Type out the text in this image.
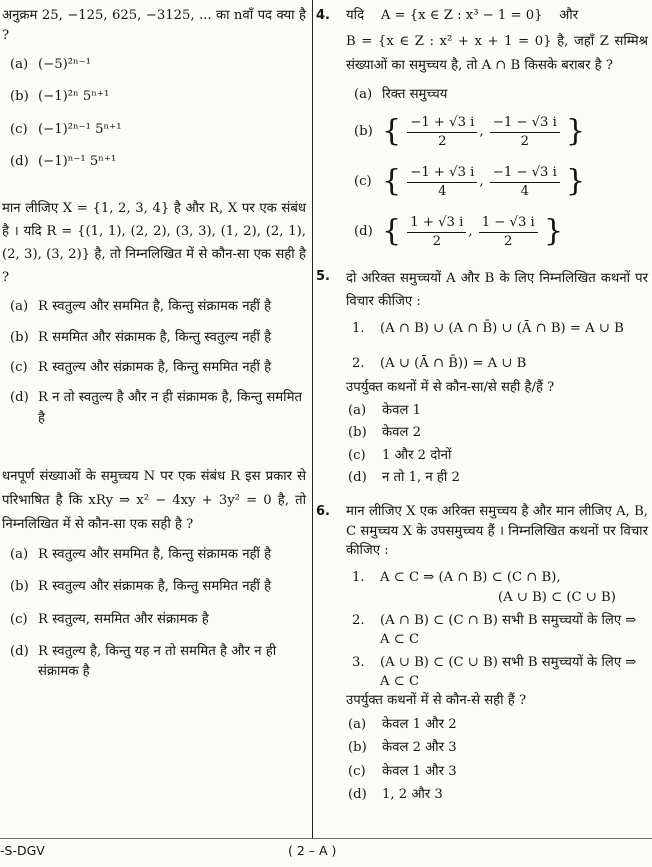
अनुक्रम 25, −125, 625, −3125, ... का nवाँ पद क्या है ?

(a) (−5)²ⁿ⁻¹
(b) (−1)²ⁿ 5ⁿ⁺¹
(c) (−1)²ⁿ⁻¹ 5ⁿ⁺¹
(d) (−1)ⁿ⁻¹ 5ⁿ⁺¹

मान लीजिए X = {1, 2, 3, 4} है और R, X पर एक संबंध है । यदि R = {(1, 1), (2, 2), (3, 3), (1, 2), (2, 1), (2, 3), (3, 2)} है, तो निम्नलिखित में से कौन-सा एक सही है ?

(a) R स्वतुल्य और सममित है, किन्तु संक्रामक नहीं है
(b) R सममित और संक्रामक है, किन्तु स्वतुल्य नहीं है
(c) R स्वतुल्य और संक्रामक है, किन्तु सममित नहीं है
(d) R न तो स्वतुल्य है और न ही संक्रामक है, किन्तु सममित है

धनपूर्ण संख्याओं के समुच्चय N पर एक संबंध R इस प्रकार से परिभाषित है कि xRy ⇒ x² − 4xy + 3y² = 0 है, तो निम्नलिखित में से कौन-सा एक सही है ?

(a) R स्वतुल्य और सममित है, किन्तु संक्रामक नहीं है
(b) R स्वतुल्य और संक्रामक है, किन्तु सममित नहीं है
(c) R स्वतुल्य, सममित और संक्रामक है
(d) R स्वतुल्य है, किन्तु यह न तो सममित है और न ही संक्रामक है
4. यदि    A = {x ∈ Z : x³ − 1 = 0}    और

B = {x ∈ Z : x² + x + 1 = 0} है, जहाँ Z सम्मिश्र संख्याओं का समुच्चय है, तो A ∩ B किसके बराबर है ?

(a) रिक्त समुच्चय
(b) { $\frac{-1 + √3 i}{2}$ , $\frac{-1 - √3 i}{2}$ }
(c) { $\frac{-1 + √3 i}{4}$ , $\frac{-1 - √3 i}{4}$ }
(d) { $\frac{1 + √3 i}{2}$ , $\frac{1 - √3 i}{2}$ }
5. दो अरिक्त समुच्चयों A और B के लिए निम्नलिखित कथनों पर विचार कीजिए :

1.	(A ∩ B) ∪ (A ∩ B̄) ∪ (Ā ∩ B) = A ∪ B
2.	(A ∪ (Ā ∩ B̄)) = A ∪ B

उपर्युक्त कथनों में से कौन-सा/से सही है/हैं ?

(a)	केवल 1
(b)	केवल 2
(c)	1 और 2 दोनों
(d)	न तो 1, न ही 2
6. मान लीजिए X एक अरिक्त समुच्चय है और मान लीजिए A, B, C समुच्चय X के उपसमुच्चय हैं । निम्नलिखित कथनों पर विचार कीजिए :

1.	A ⊂ C ⇒ (A ∩ B) ⊂ (C ∩ B),
(A ∪ B) ⊂ (C ∪ B)
2.	(A ∩ B) ⊂ (C ∩ B) सभी B समुच्चयों के लिए ⇒ A ⊂ C
3.	(A ∪ B) ⊂ (C ∪ B) सभी B समुच्चयों के लिए ⇒ A ⊂ C

उपर्युक्त कथनों में से कौन-से सही हैं ?

(a)	केवल 1 और 2
(b)	केवल 2 और 3
(c)	केवल 1 और 3
(d)	1, 2 और 3
-S-DGV	( 2 – A )
